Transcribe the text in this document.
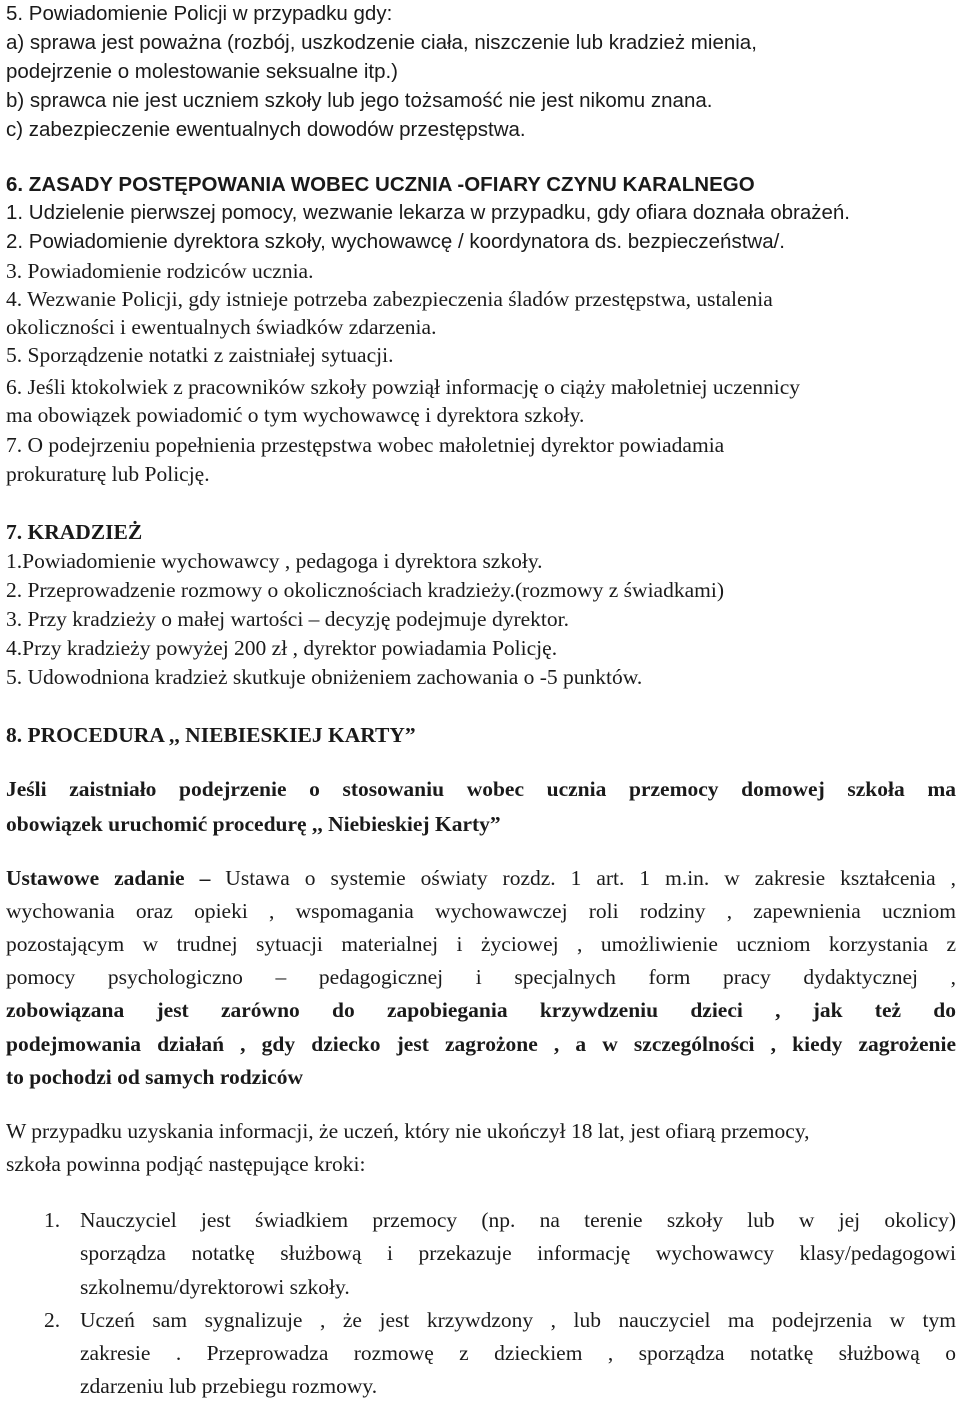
5. Powiadomienie Policji w przypadku gdy:

a) sprawa jest poważna (rozbój, uszkodzenie ciała, niszczenie lub kradzież mienia,

podejrzenie o molestowanie seksualne itp.)

b) sprawca nie jest uczniem szkoły lub jego tożsamość nie jest nikomu znana.

c) zabezpieczenie ewentualnych dowodów przestępstwa.

6. ZASADY POSTĘPOWANIA WOBEC UCZNIA -OFIARY CZYNU KARALNEGO

1. Udzielenie pierwszej pomocy, wezwanie lekarza w przypadku, gdy ofiara doznała obrażeń.

2. Powiadomienie dyrektora szkoły, wychowawcę / koordynatora ds. bezpieczeństwa/.

3. Powiadomienie rodziców ucznia.

4. Wezwanie Policji, gdy istnieje potrzeba zabezpieczenia śladów przestępstwa, ustalenia

okoliczności i ewentualnych świadków zdarzenia.

5. Sporządzenie notatki z zaistniałej sytuacji.

6. Jeśli ktokolwiek z pracowników szkoły powziął informację o ciąży małoletniej uczennicy

ma obowiązek powiadomić o tym wychowawcę i dyrektora szkoły.

7. O podejrzeniu popełnienia przestępstwa wobec małoletniej dyrektor powiadamia

prokuraturę lub Policję.

7. KRADZIEŻ

1.Powiadomienie wychowawcy , pedagoga i dyrektora szkoły.

2. Przeprowadzenie rozmowy o okolicznościach kradzieży.(rozmowy z świadkami)

3. Przy kradzieży o małej wartości – decyzję podejmuje dyrektor.

4.Przy kradzieży powyżej 200 zł , dyrektor powiadamia Policję.

5. Udowodniona kradzież skutkuje obniżeniem zachowania o -5 punktów.

8. PROCEDURA ,, NIEBIESKIEJ KARTY”

Jeśli zaistniało podejrzenie o stosowaniu wobec ucznia przemocy domowej szkoła ma

obowiązek uruchomić procedurę ,, Niebieskiej Karty”

Ustawowe zadanie – Ustawa o systemie oświaty rozdz. 1 art. 1 m.in. w zakresie kształcenia ,

wychowania oraz opieki , wspomagania wychowawczej roli rodziny , zapewnienia uczniom

pozostającym w trudnej sytuacji materialnej i życiowej , umożliwienie uczniom korzystania z

pomocy psychologiczno – pedagogicznej i specjalnych form pracy dydaktycznej ,

zobowiązana jest zarówno do zapobiegania krzywdzeniu dzieci , jak też do

podejmowania działań , gdy dziecko jest zagrożone , a w szczególności , kiedy zagrożenie

to pochodzi od samych rodziców

W przypadku uzyskania informacji, że uczeń, który nie ukończył 18 lat, jest ofiarą przemocy,

szkoła powinna podjąć następujące kroki:

1. Nauczyciel jest świadkiem przemocy (np. na terenie szkoły lub w jej okolicy)

sporządza notatkę służbową i przekazuje informację wychowawcy klasy/pedagogowi

szkolnemu/dyrektorowi szkoły.

2. Uczeń sam sygnalizuje , że jest krzywdzony , lub nauczyciel ma podejrzenia w tym

zakresie . Przeprowadza rozmowę z dzieckiem , sporządza notatkę służbową o

zdarzeniu lub przebiegu rozmowy.
